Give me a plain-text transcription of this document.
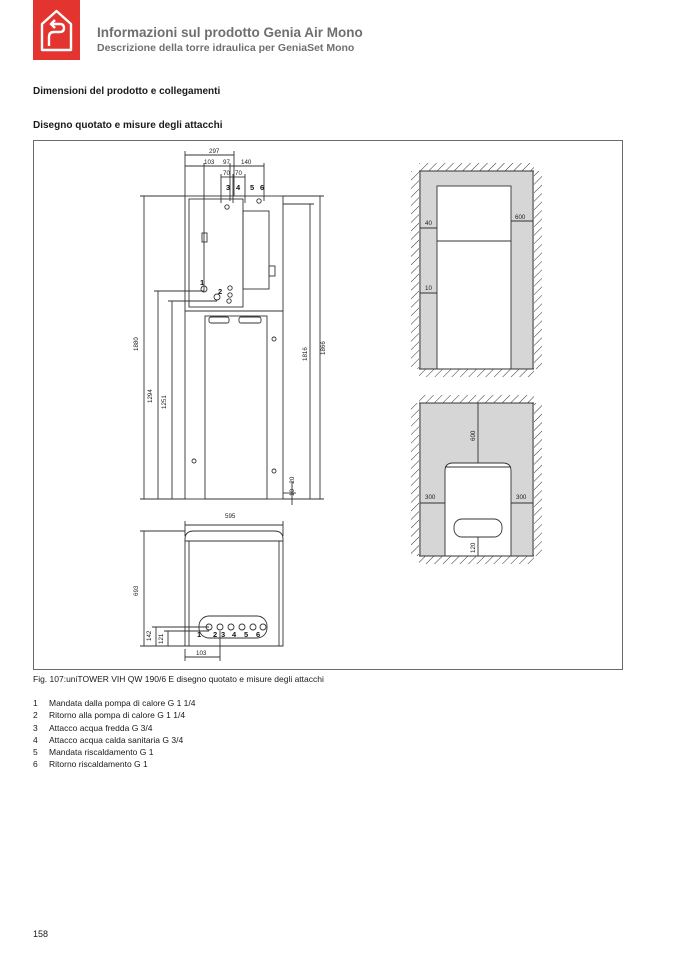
Informazioni sul prodotto Genia Air Mono
Descrizione della torre idraulica per GeniaSet Mono
Dimensioni del prodotto e collegamenti
Disegno quotato e misure degli attacchi
297
103 97 140
70 70
1880
1294 1251
1816 1866
10 - 20
595
693
142 121
103
40
600
10
600
300	300
120
3 4 5 6
1
2
1 2 3 4 5 6
Fig. 107:uniTOWER VIH QW 190/6 E disegno quotato e misure degli attacchi
1 Mandata dalla pompa di calore G 1 1/4
2 Ritorno alla pompa di calore G 1 1/4
3 Attacco acqua fredda G 3/4
4 Attacco acqua calda sanitaria G 3/4
5 Mandata riscaldamento G 1
6 Ritorno riscaldamento G 1
158
